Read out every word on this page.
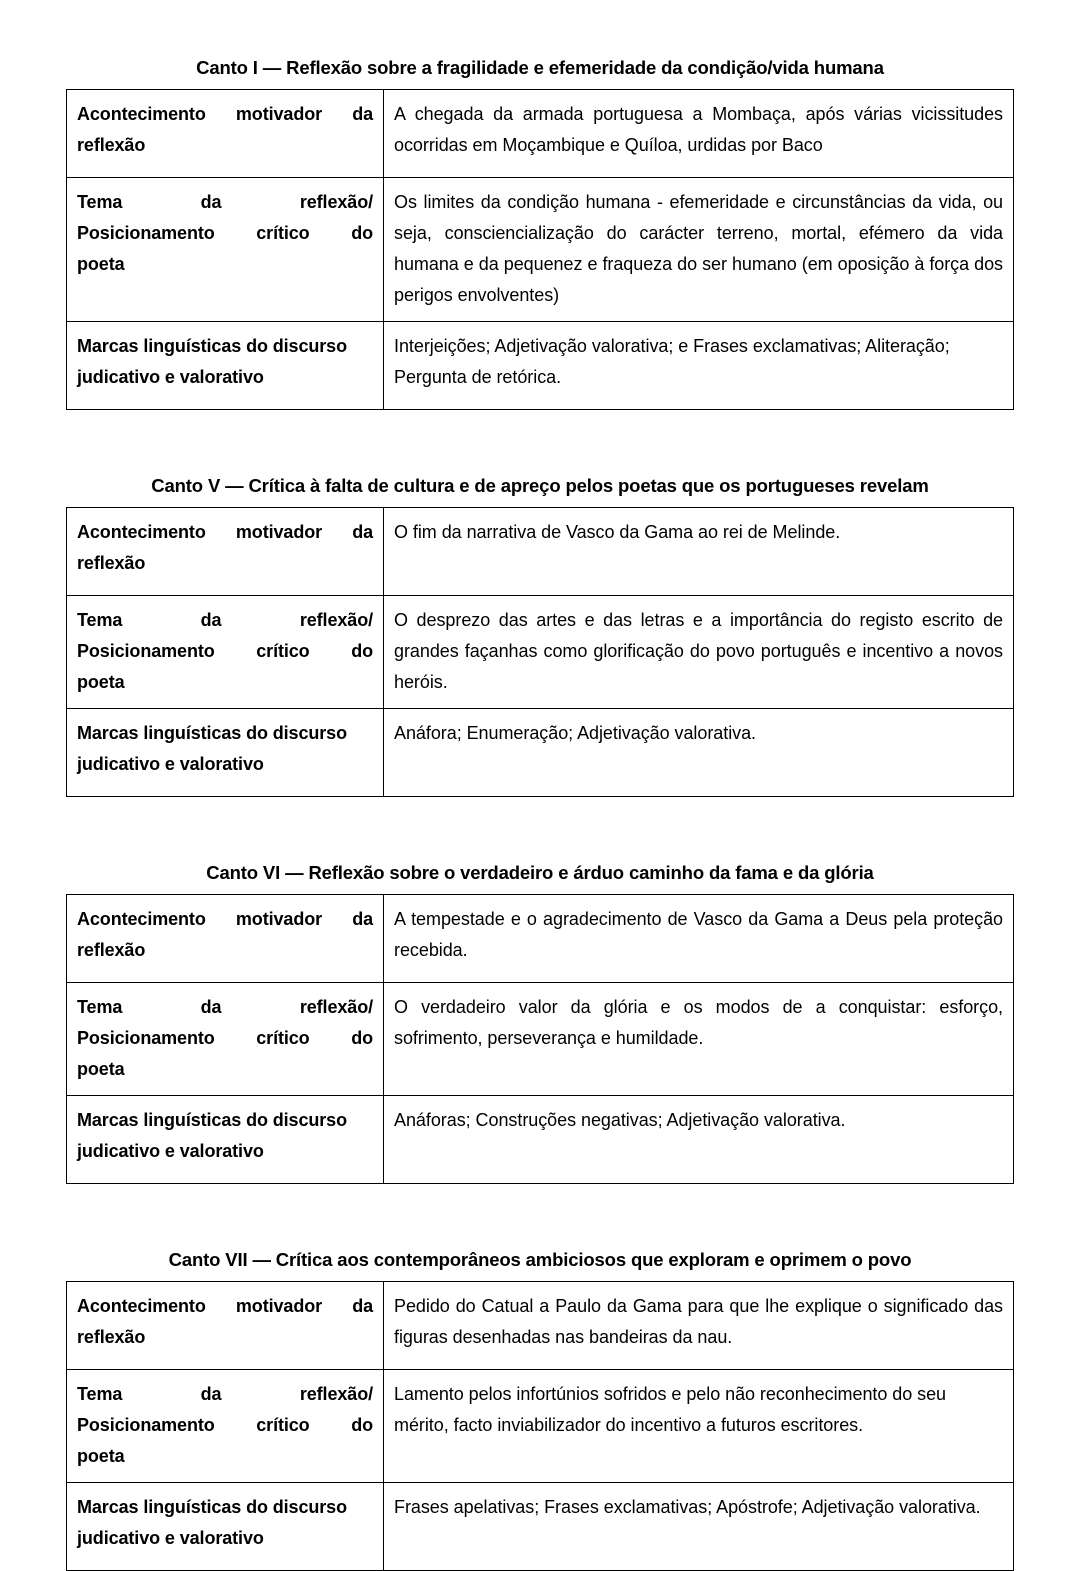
Canto I — Reflexão sobre a fragilidade e efemeridade da condição/vida humana
Acontecimento motivador da
reflexão	A chegada da armada portuguesa a Mombaça, após várias vicissitudes ocorridas em Moçambique e Quíloa, urdidas por Baco

Tema da reflexão/
Posicionamento crítico do
poeta
	Os limites da condição humana - efemeridade e circunstâncias da vida, ou seja, consciencialização do carácter terreno, mortal, efémero da vida humana e da pequenez e fraqueza do ser humano (em oposição à força dos perigos envolventes)

Marcas linguísticas do discurso
judicativo e valorativo	Interjeições; Adjetivação valorativa; e Frases exclamativas; Aliteração; Pergunta de retórica.
Canto V — Crítica à falta de cultura e de apreço pelos poetas que os portugueses revelam
Acontecimento motivador da
reflexão	O fim da narrativa de Vasco da Gama ao rei de Melinde.

Tema da reflexão/
Posicionamento crítico do
poeta	O desprezo das artes e das letras e a importância do registo escrito de grandes façanhas como glorificação do povo português e incentivo a novos heróis.

Marcas linguísticas do discurso
judicativo e valorativo	Anáfora; Enumeração; Adjetivação valorativa.
Canto VI — Reflexão sobre o verdadeiro e árduo caminho da fama e da glória
Acontecimento motivador da
reflexão	A tempestade e o agradecimento de Vasco da Gama a Deus pela proteção recebida.

Tema da reflexão/
Posicionamento crítico do
poeta	O verdadeiro valor da glória e os modos de a conquistar: esforço, sofrimento, perseverança e humildade.

Marcas linguísticas do discurso
judicativo e valorativo	Anáforas; Construções negativas; Adjetivação valorativa.
Canto VII — Crítica aos contemporâneos ambiciosos que exploram e oprimem o povo
Acontecimento motivador da
reflexão	Pedido do Catual a Paulo da Gama para que lhe explique o significado das figuras desenhadas nas bandeiras da nau.

Tema da reflexão/
Posicionamento crítico do
poeta	Lamento pelos infortúnios sofridos e pelo não reconhecimento do seu mérito, facto inviabilizador do incentivo a futuros escritores.

Marcas linguísticas do discurso
judicativo e valorativo	Frases apelativas; Frases exclamativas; Apóstrofe; Adjetivação valorativa.
